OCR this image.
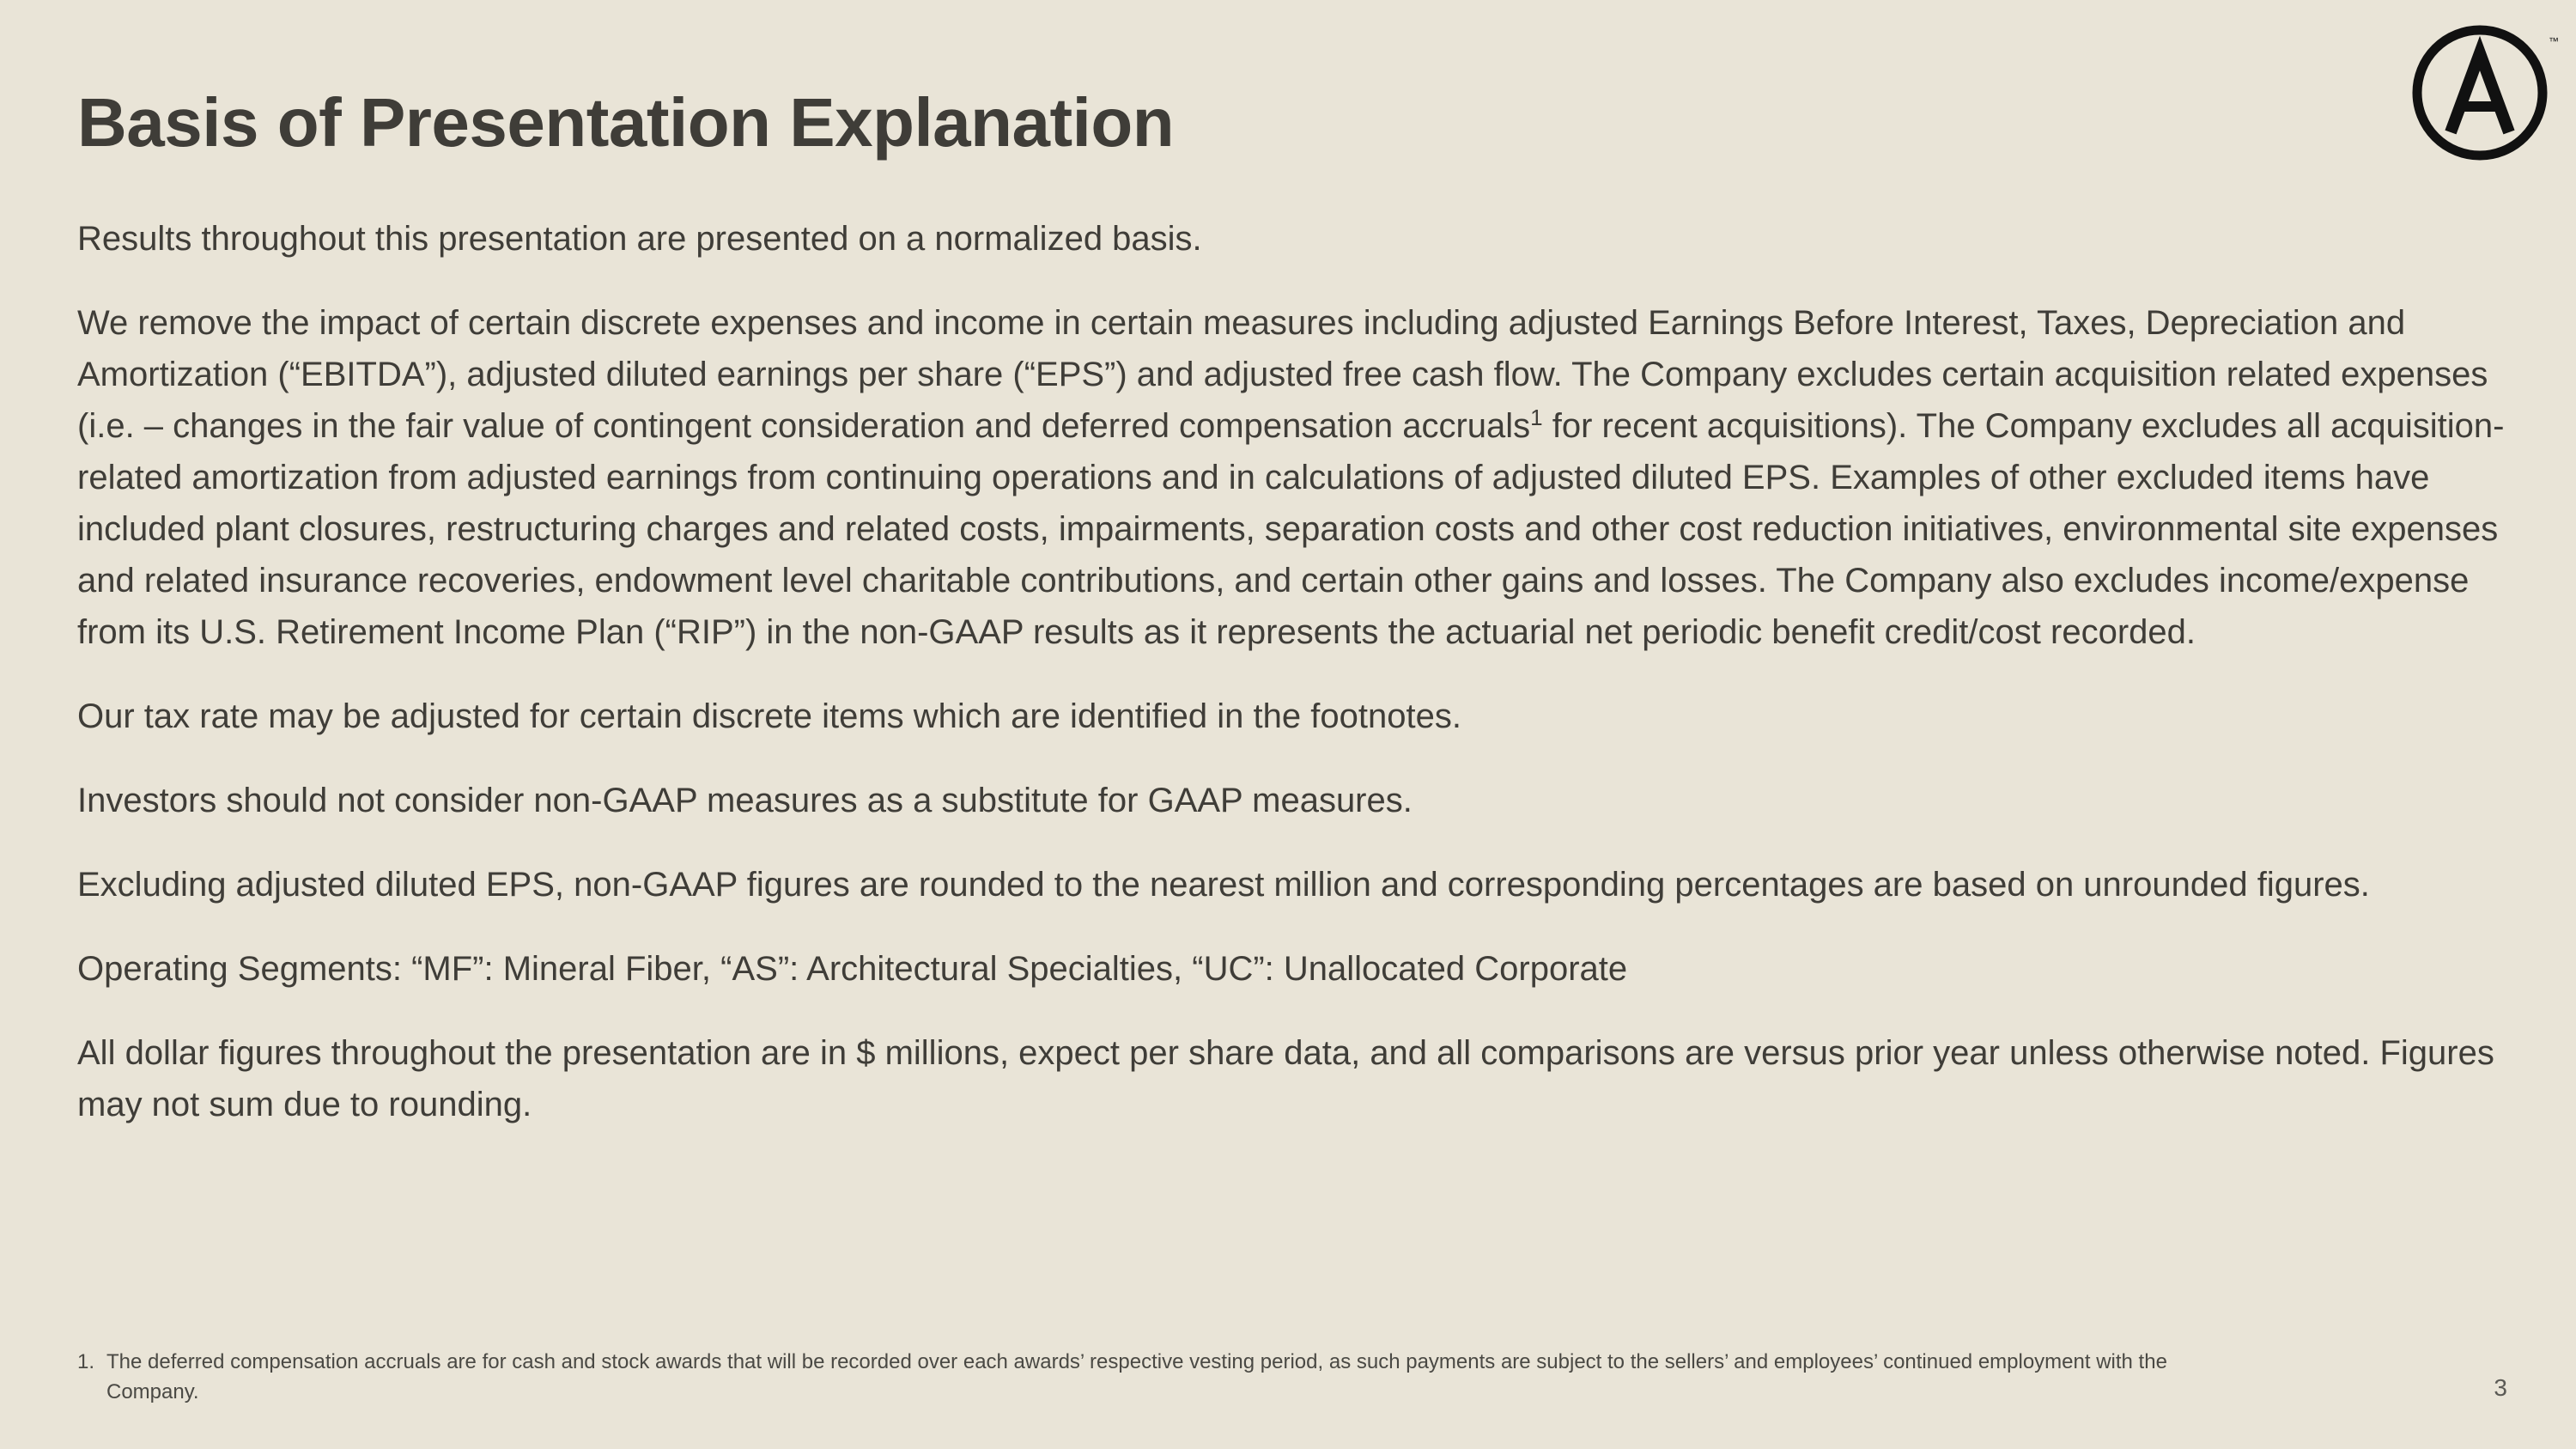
Basis of Presentation Explanation
™

Results throughout this presentation are presented on a normalized basis.

We remove the impact of certain discrete expenses and income in certain measures including adjusted Earnings Before Interest, Taxes, Depreciation and Amortization (“EBITDA”), adjusted diluted earnings per share (“EPS”) and adjusted free cash flow. The Company excludes certain acquisition related expenses (i.e. – changes in the fair value of contingent consideration and deferred compensation accruals$^1$ for recent acquisitions). The Company excludes all acquisition-related amortization from adjusted earnings from continuing operations and in calculations of adjusted diluted EPS. Examples of other excluded items have included plant closures, restructuring charges and related costs, impairments, separation costs and other cost reduction initiatives, environmental site expenses and related insurance recoveries, endowment level charitable contributions, and certain other gains and losses. The Company also excludes income/expense from its U.S. Retirement Income Plan (“RIP”) in the non-GAAP results as it represents the actuarial net periodic benefit credit/cost recorded.

Our tax rate may be adjusted for certain discrete items which are identified in the footnotes.

Investors should not consider non-GAAP measures as a substitute for GAAP measures.

Excluding adjusted diluted EPS, non-GAAP figures are rounded to the nearest million and corresponding percentages are based on unrounded figures.

Operating Segments: “MF”: Mineral Fiber, “AS”: Architectural Specialties, “UC”: Unallocated Corporate

All dollar figures throughout the presentation are in $ millions, expect per share data, and all comparisons are versus prior year unless otherwise noted. Figures may not sum due to rounding.

1. The deferred compensation accruals are for cash and stock awards that will be recorded over each awards’ respective vesting period, as such payments are subject to the sellers’ and employees’ continued employment with the Company.	3
